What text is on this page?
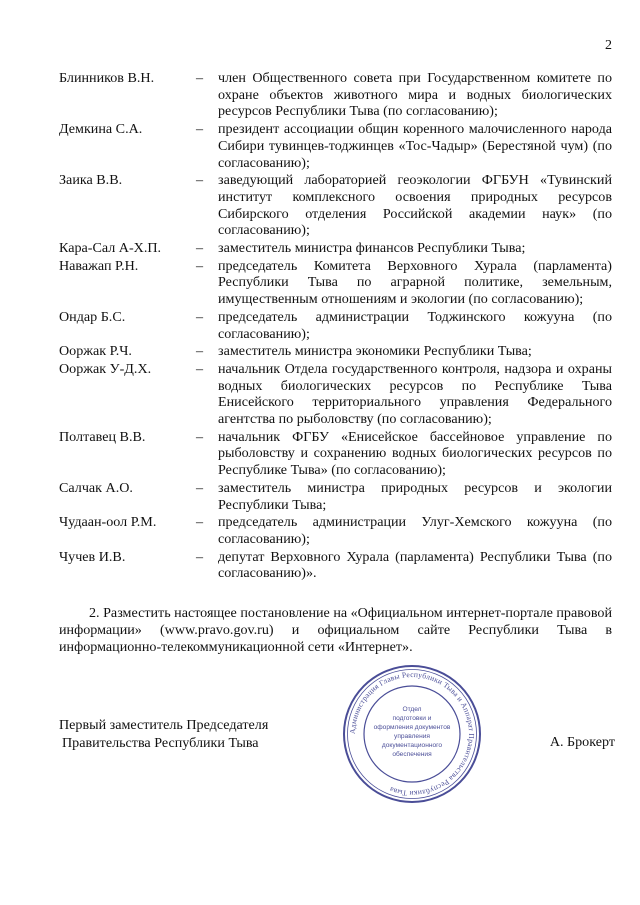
2
Блинников В.Н.	–	член Общественного совета при Государственном комитете по охране объектов животного мира и водных биологических ресурсов Республики Тыва (по согласованию);
Демкина С.А.	–	президент ассоциации общин коренного малочисленного народа Сибири тувинцев-тоджинцев «Тос-Чадыр» (Берестяной чум) (по согласованию);
Заика В.В.	–	заведующий лабораторией геоэкологии ФГБУН «Тувинский институт комплексного освоения природных ресурсов Сибирского отделения Российской академии наук» (по согласованию);
Кара-Сал А-Х.П.	–	заместитель министра финансов Республики Тыва;
Наважап Р.Н.	–	председатель Комитета Верховного Хурала (парламента) Республики Тыва по аграрной политике, земельным, имущественным отношениям и экологии (по согласованию);
Ондар Б.С.	–	председатель администрации Тоджинского кожууна (по согласованию);
Ооржак Р.Ч.	–	заместитель министра экономики Республики Тыва;
Ооржак У-Д.Х.	–	начальник Отдела государственного контроля, надзора и охраны водных биологических ресурсов по Республике Тыва Енисейского территориального управления Федерального агентства по рыболовству (по согласованию);
Полтавец В.В.	–	начальник ФГБУ «Енисейское бассейновое управление по рыболовству и сохранению водных биологических ресурсов по Республике Тыва» (по согласованию);
Салчак А.О.	–	заместитель министра природных ресурсов и экологии Республики Тыва;
Чудаан-оол Р.М.	–	председатель администрации Улуг-Хемского кожууна (по согласованию);
Чучев И.В.	–	депутат Верховного Хурала (парламента) Республики Тыва (по согласованию)».
2. Разместить настоящее постановление на «Официальном интернет-портале правовой информации» (www.pravo.gov.ru) и официальном сайте Республики Тыва в информационно-телекоммуникационной сети «Интернет».
Первый заместитель Председателя
Правительства Республики Тыва	А. Брокерт
Администрация Главы Республики Тыва и Аппарат Правительства Республики Тыва
Отдел
подготовки и
оформления документов
управления
документационного
обеспечения
